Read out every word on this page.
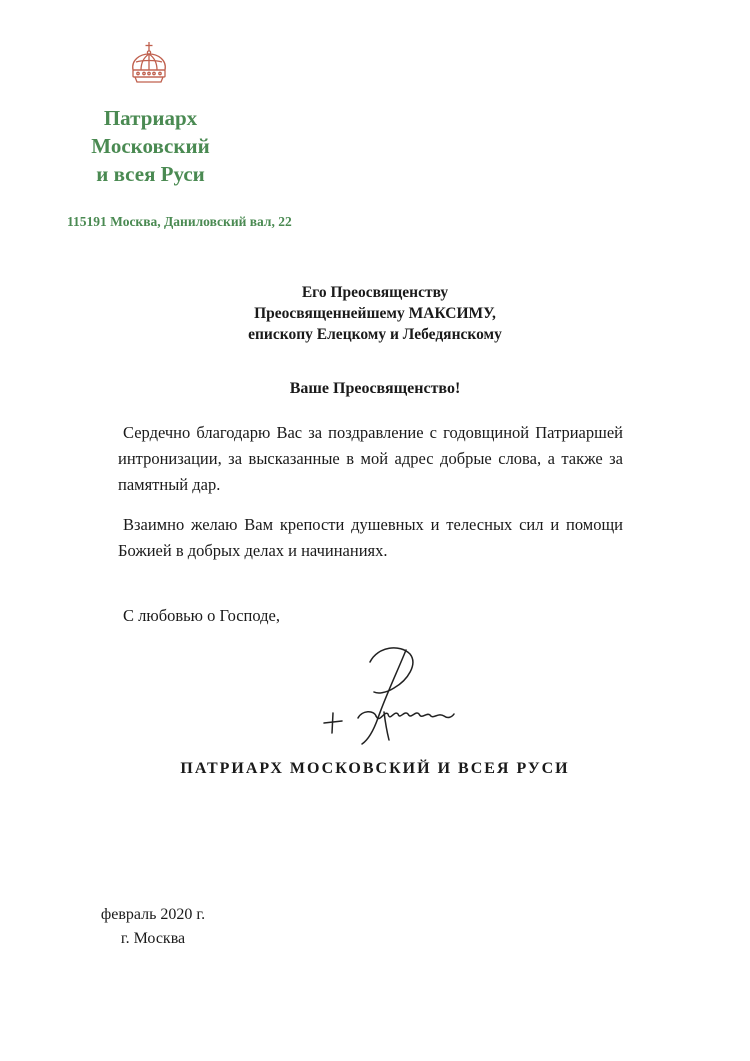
Патриарх
Московский
и всея Руси
115191 Москва, Даниловский вал, 22
Его Преосвященству
Преосвященнейшему МАКСИМУ,
епископу Елецкому и Лебедянскому
Ваше Преосвященство!

Сердечно благодарю Вас за поздравление с годовщиной Патриаршей интронизации, за высказанные в мой адрес добрые слова, а также за памятный дар.

Взаимно желаю Вам крепости душевных и телесных сил и помощи Божией в добрых делах и начинаниях.

С любовью о Господе,
ПАТРИАРХ МОСКОВСКИЙ И ВСЕЯ РУСИ
февраль 2020 г.
г. Москва
